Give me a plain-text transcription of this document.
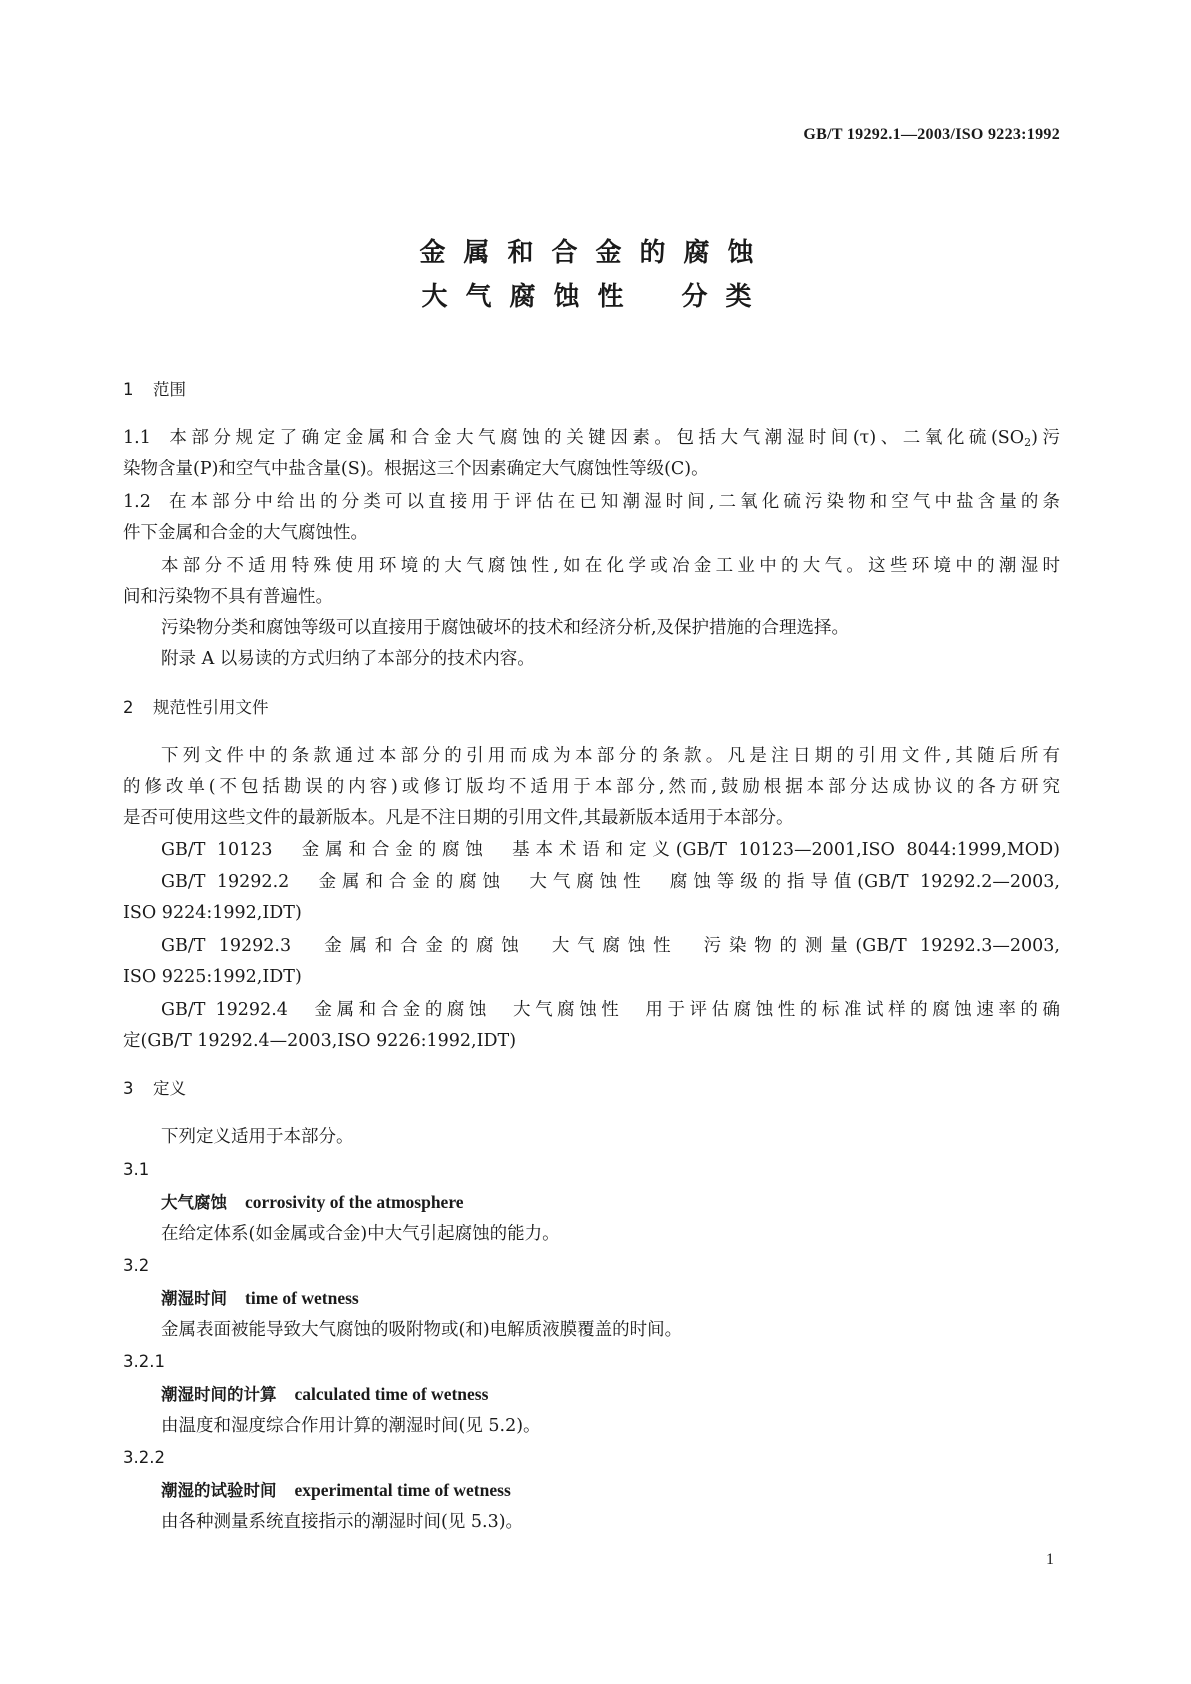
GB/T 19292.1—2003/ISO 9223:1992
金属和合金的腐蚀
大气腐蚀性 分类
1 范围
1.1 本部分规定了确定金属和合金大气腐蚀的关键因素。包括大气潮湿时间(τ)、二氧化硫$(SO_2)$污
染物含量(P)和空气中盐含量(S)。根据这三个因素确定大气腐蚀性等级(C)。
1.2 在本部分中给出的分类可以直接用于评估在已知潮湿时间,二氧化硫污染物和空气中盐含量的条
件下金属和合金的大气腐蚀性。
本部分不适用特殊使用环境的大气腐蚀性,如在化学或冶金工业中的大气。这些环境中的潮湿时
间和污染物不具有普遍性。
污染物分类和腐蚀等级可以直接用于腐蚀破坏的技术和经济分析,及保护措施的合理选择。
附录 A 以易读的方式归纳了本部分的技术内容。
2 规范性引用文件
下列文件中的条款通过本部分的引用而成为本部分的条款。凡是注日期的引用文件,其随后所有
的修改单(不包括勘误的内容)或修订版均不适用于本部分,然而,鼓励根据本部分达成协议的各方研究
是否可使用这些文件的最新版本。凡是不注日期的引用文件,其最新版本适用于本部分。
GB/T 10123　金属和合金的腐蚀　基本术语和定义(GB/T 10123—2001,ISO 8044:1999,MOD)
GB/T 19292.2　金属和合金的腐蚀　大气腐蚀性　腐蚀等级的指导值(GB/T 19292.2—2003,
ISO 9224:1992,IDT)
GB/T 19292.3　金属和合金的腐蚀　大气腐蚀性　污染物的测量(GB/T 19292.3—2003,
ISO 9225:1992,IDT)
GB/T 19292.4　金属和合金的腐蚀　大气腐蚀性　用于评估腐蚀性的标准试样的腐蚀速率的确
定(GB/T 19292.4—2003,ISO 9226:1992,IDT)
3 定义
下列定义适用于本部分。
3.1
大气腐蚀 corrosivity of the atmosphere
在给定体系(如金属或合金)中大气引起腐蚀的能力。
3.2
潮湿时间 time of wetness
金属表面被能导致大气腐蚀的吸附物或(和)电解质液膜覆盖的时间。
3.2.1
潮湿时间的计算 calculated time of wetness
由温度和湿度综合作用计算的潮湿时间(见 5.2)。
3.2.2
潮湿的试验时间 experimental time of wetness
由各种测量系统直接指示的潮湿时间(见 5.3)。
1
